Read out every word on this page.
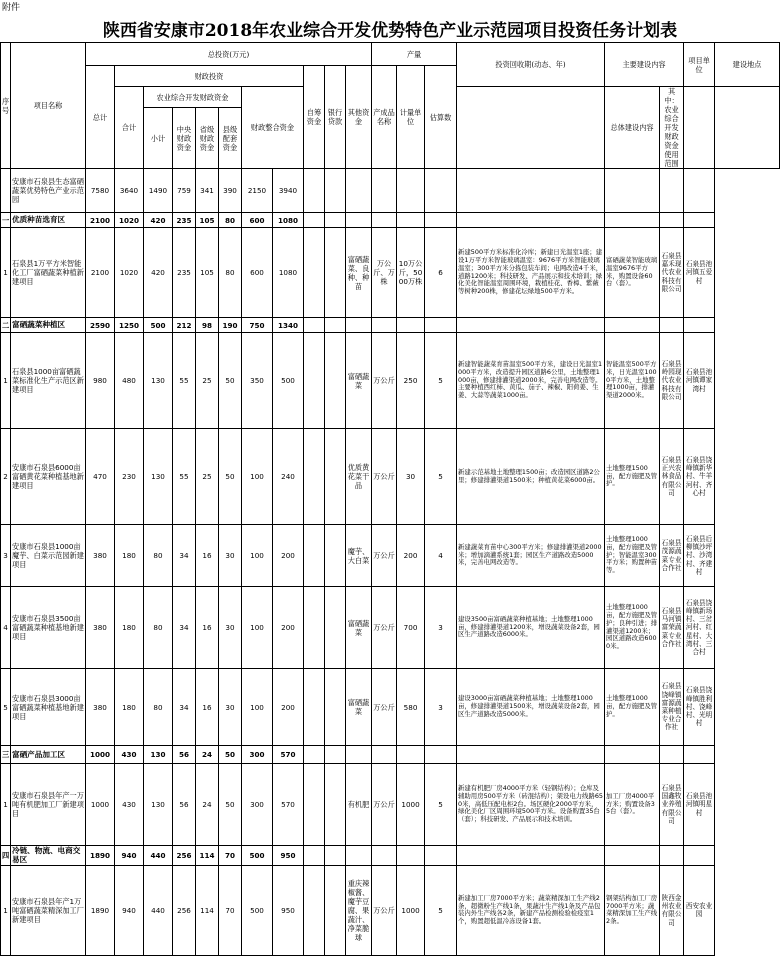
附件
陕西省安康市2018年农业综合开发优势特色产业示范园项目投资任务计划表
序号	项目名称	总投资(万元)											产量			投资回收期(动态、年)	主要建设内容		项目单位	建设地点
		总计	财政投资							自筹资金	银行贷款	其他资金	产成品名称	计量单位	估算数					
			合计	农业综合开发财政资金				财政整合资金									总体建设内容	其中：农业综合开发财政资金使用范围		
				小计	中央财政资金	省级财政资金	县级配套资金													

	安康市石泉县生态富硒蔬菜优势特色产业示范园	7580	3640	1490	759	341	390	2150	3940											
一	优质种苗选育区	2100	1020	420	235	105	80	600	1080											
1	石泉县1万平方米智能化工厂富硒蔬菜种植新建项目	2100	1020	420	235	105	80	600	1080			富硒蔬菜、良种、种苗	万公斤、万株	10万公斤，5000万株	6	新建500平方米标准化冷库；新建日光温室1座；建设1万平方米智能玻璃温室：9676平方米智能玻璃温室；300平方米分拣包装车间；电网改造4千米，道路1200米；科技研发、产品展示和技术培训；绿化美化智能温室周围环境，栽植桂花、香樟、紫薇等树种200株，修建花坛绿地500平方米。	富硒蔬菜智能玻璃温室9676平方米，购置设备60台（套）。	石泉县嘉禾现代农业科技有限公司	石泉县池河镇五爱村	
二	富硒蔬菜种植区	2590	1250	500	212	98	190	750	1340											
1	石泉县1000亩富硒蔬菜标准化生产示范区新建项目	980	480	130	55	25	50	350	500			富硒蔬菜	万公斤	250	5	新建智能蔬菜育苗温室500平方米，建设日光温室1000平方米，改造提升园区道路6公里，土地整理1000亩，修建排灌渠道2000米，完善电网改造等。主要种植西红柿、黄瓜、茄子、辣椒、阳荷姜、生姜、大蒜等蔬菜1000亩。	智能温室500平方米，日光温室1000平方米，土地整理1000亩，排灌渠道2000米。	石泉县岭园现代农业科技有限公司	石泉县池河镇谭家湾村	
2	安康市石泉县6000亩富硒黄花菜种植基地新建项目	470	230	130	55	25	50	100	240			优质黄花菜干品	万公斤	30	5	新建示范基地土地整理1500亩；改造园区道路2公里；修建排灌渠道1500米；种植黄花菜6000亩。	土地整理1500亩，配方施肥及管护。	石泉县正兴农林食品有限公司	石泉县饶峰镇新华村、牛羊河村、齐心村	
3	安康市石泉县1000亩魔芋、白菜示范园新建项目	380	180	80	34	16	30	100	200			魔芋、大白菜	万公斤	200	4	新建蔬菜育苗中心300平方米；修建排灌渠道2000米；增加滴灌系统1套；园区生产道路改造5000米，完善电网改造等。	土地整理1000亩，配方施肥及管护；智能温室300平方米；购置种苗等。	石泉县茂源蔬菜专业合作社	石泉县后柳镇沙坪村、沙湾村、齐建村	
4	安康市石泉县3500亩富硒蔬菜种植基地新建项目	380	180	80	34	16	30	100	200			富硒蔬菜	万公斤	700	3	建设3500亩富硒蔬菜种植基地；土地整理1000亩，修建排灌渠道1200米，增设蔬菜设备2套，园区生产道路改造6000米。	土地整理1000亩，配方施肥及管护；良种引进；排灌渠道1200米；园区道路改造6000米。	石泉县马河镇富荣蔬菜专业合作社	石泉县饶峰镇新场村、三岔河村、红星村、大湾村、三合村	
5	安康市石泉县3000亩富硒蔬菜种植基地新建项目	380	180	80	34	16	30	100	200			富硒蔬菜	万公斤	580	3	建设3000亩富硒蔬菜种植基地；土地整理1000亩，修建排灌渠道1500米，增设蔬菜设备2套，园区生产道路改造5000米。	土地整理1000亩，配方施肥及管护。	石泉县饶峰镇富源蔬菜种植专业合作社	石泉县饶峰镇胜利村、饶峰村、光明村	
三	富硒产品加工区	1000	430	130	56	24	50	300	570											
1	安康市石泉县年产一万吨有机肥加工厂新建项目	1000	430	130	56	24	50	300	570			有机肥	万公斤	1000	5	新建有机肥厂房4000平方米（轻钢结构）；仓库及辅助用房500平方米（砖混结构）；架设电力线路650米，高低压配电柜2台。场区硬化2000平方米，绿化美化厂区周围环境500平方米。设备购置35台（套）；科技研发、产品展示和技术培训。	加工厂房4000平方米；购置设备35台（套）。	石泉县国鑫牧业养殖有限公司	石泉县池河镇明星村	
四	冷链、物流、电商交易区	1890	940	440	256	114	70	500	950											
1	安康市石泉县年产1万吨富硒蔬菜精深加工厂新建项目	1890	940	440	256	114	70	500	950			重庆辣椒酱、魔芋豆腐、果蔬汁、净菜脆球	万公斤	1000	5	新建加工厂房7000平方米；蔬菜精深加工生产线2条，超微粉生产线1条，果蔬汁生产线1条及产品包装内外生产线各2条，新建产品检测检验检疫室1个，购置超低温冷冻设备1套。	钢架结构加工厂房7000平方米；蔬菜精深加工生产线2条。	陕西金州农业有限公司	西安农业园	
